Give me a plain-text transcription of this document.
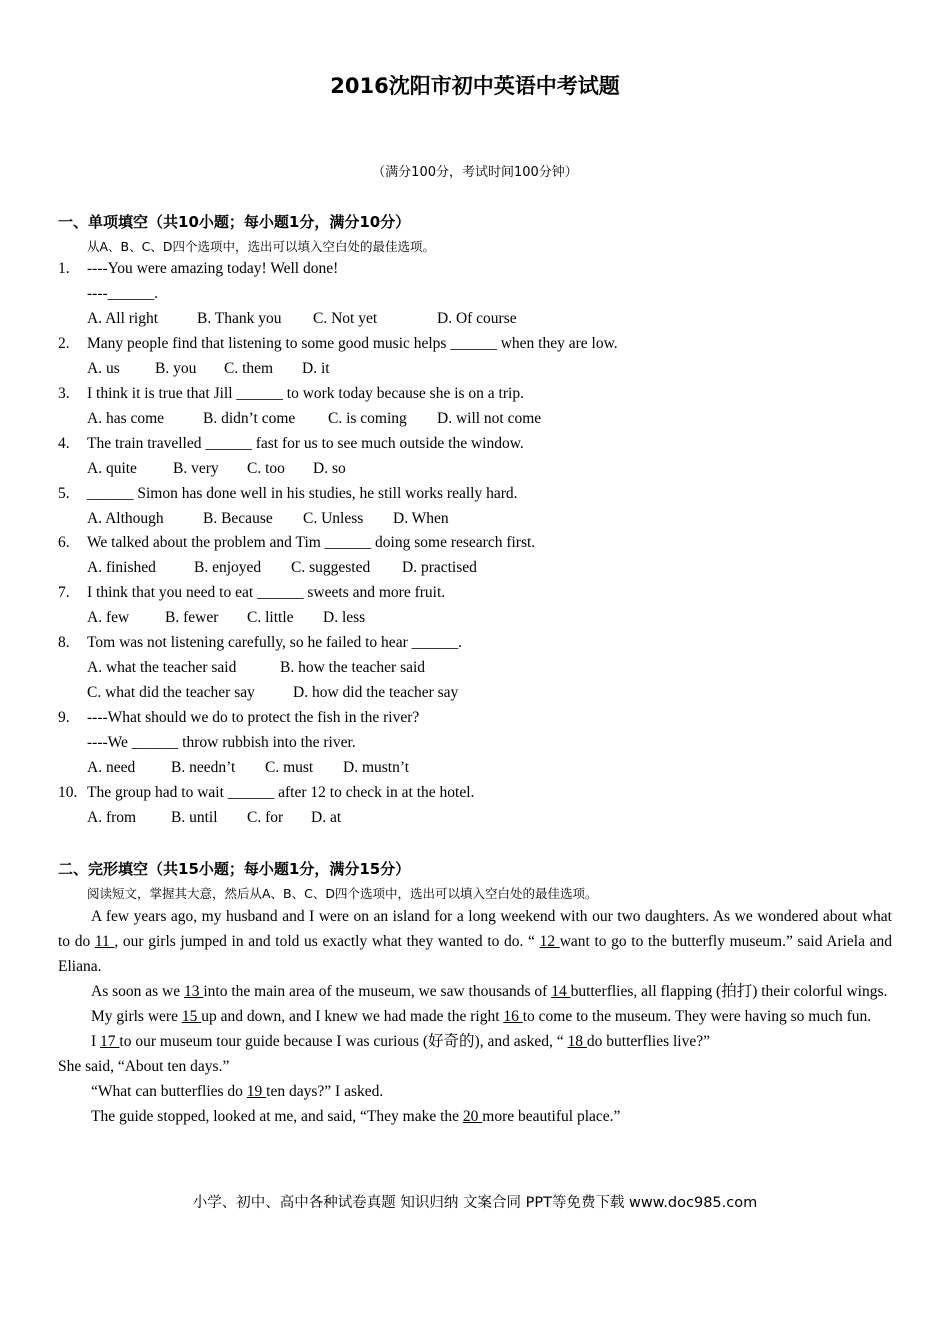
2016沈阳市初中英语中考试题
（满分100分，考试时间100分钟）
一、单项填空（共10小题；每小题1分，满分10分）
从A、B、C、D四个选项中，选出可以填入空白处的最佳选项。
1. ----You were amazing today! Well done!
----______.
A. All right	B. Thank you C. Not yet	D. Of course
2. Many people find that listening to some good music helps ______ when they are low.
A. us B. you C. them D. it
3. I think it is true that Jill ______ to work today because she is on a trip.
A. has come	B. didn’t come C. is coming D. will not come
4. The train travelled ______ fast for us to see much outside the window.
A. quite B. very C. too D. so
5. ______ Simon has done well in his studies, he still works really hard.
A. Although	B. Because C. Unless D. When
6. We talked about the problem and Tim ______ doing some research first.
A. finished B. enjoyed C. suggested D. practised
7. I think that you need to eat ______ sweets and more fruit.
A. few B. fewer C. little D. less
8. Tom was not listening carefully, so he failed to hear ______.
A. what the teacher said	B. how the teacher said
C. what did the teacher say D. how did the teacher say
9. ----What should we do to protect the fish in the river?
----We ______ throw rubbish into the river.
A. need B. needn’t C. must D. mustn’t
10. The group had to wait ______ after 12 to check in at the hotel.
A. from B. until C. for D. at
二、完形填空（共15小题；每小题1分，满分15分）
阅读短文，掌握其大意，然后从A、B、C、D四个选项中，选出可以填入空白处的最佳选项。

A few years ago, my husband and I were on an island for a long weekend with our two daughters. As we wondered about what to do 11 , our girls jumped in and told us exactly what they wanted to do. “ 12 want to go to the butterfly museum.” said Ariela and Eliana.

As soon as we 13 into the main area of the museum, we saw thousands of 14 butterflies, all flapping (拍打) their colorful wings.

My girls were 15 up and down, and I knew we had made the right 16 to come to the museum. They were having so much fun.

I 17 to our museum tour guide because I was curious (好奇的), and asked, “ 18 do butterflies live?”

She said, “About ten days.”

“What can butterflies do 19 ten days?” I asked.

The guide stopped, looked at me, and said, “They make the 20 more beautiful place.”

小学、初中、高中各种试卷真题 知识归纳 文案合同 PPT等免费下载 www.doc985.com
